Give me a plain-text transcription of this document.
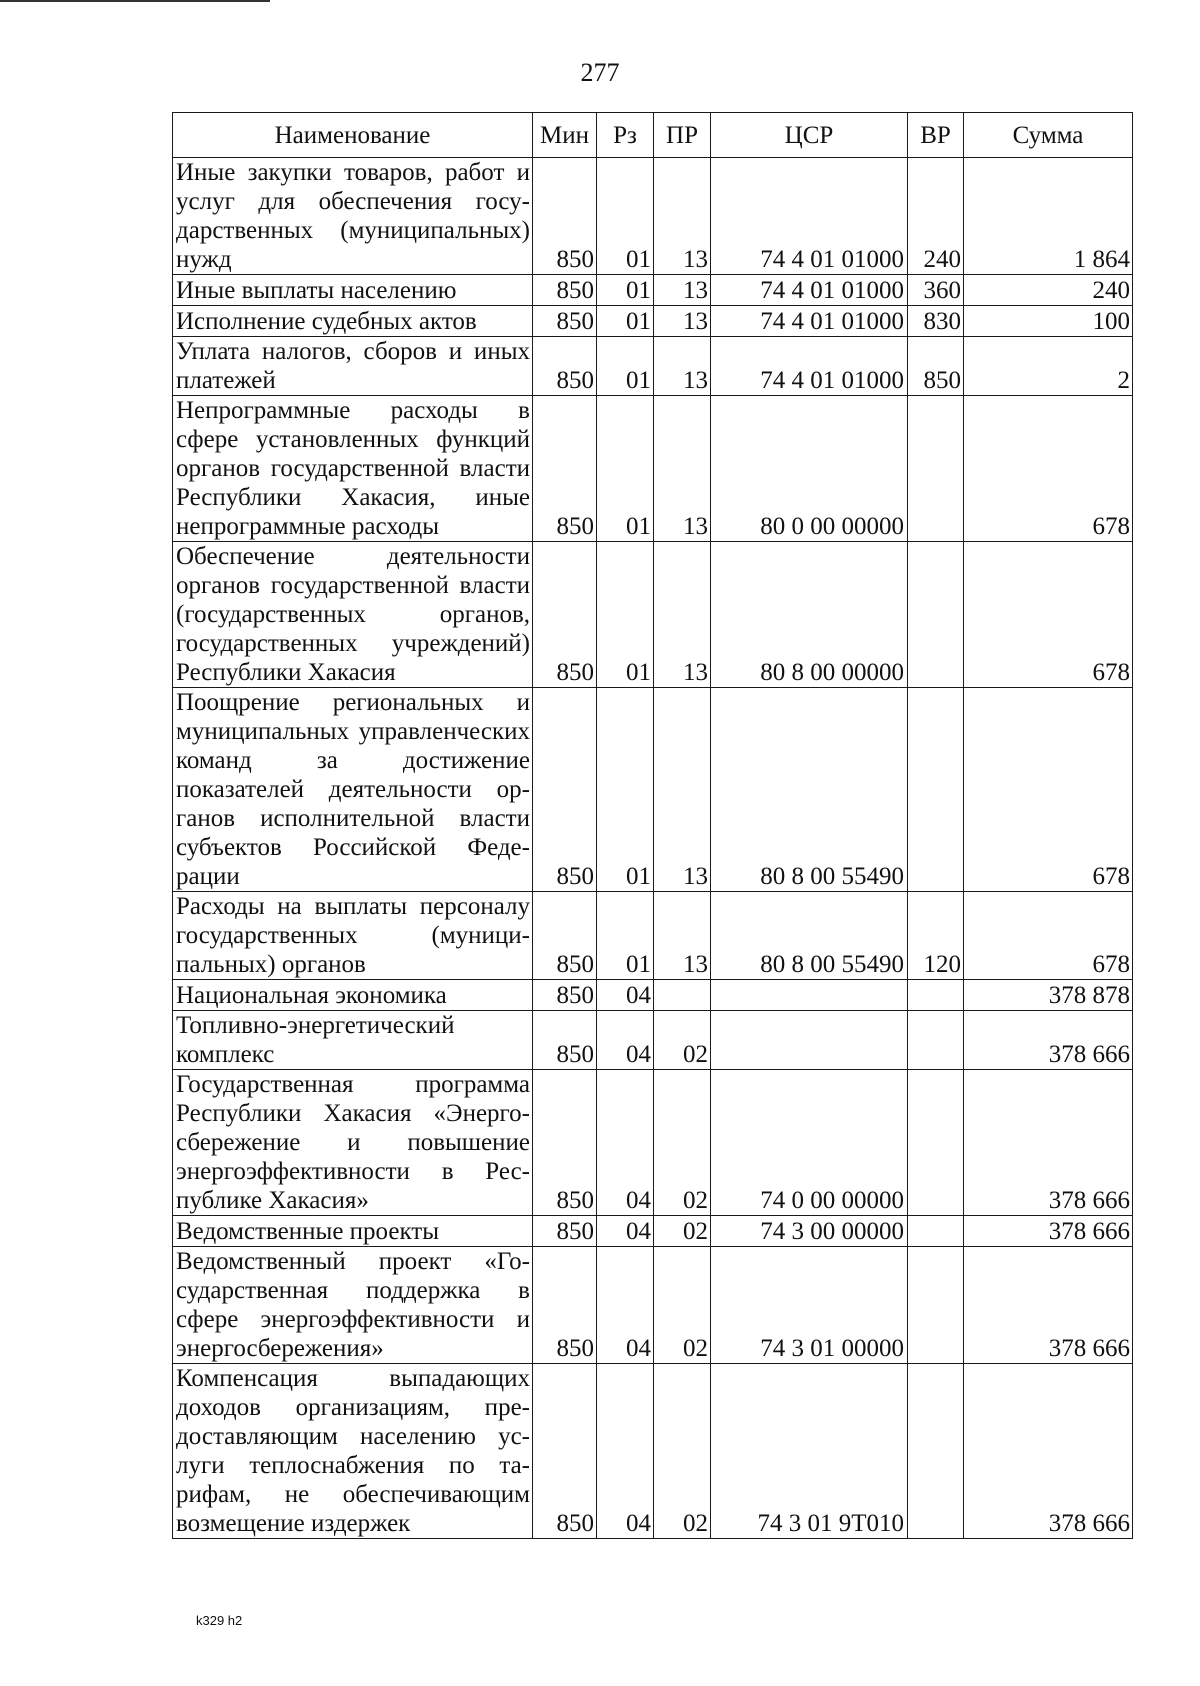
277
Наименование	Мин	Рз	ПР	ЦСР	ВР	Сумма
Иные закупки товаров, работ и услуг для обеспечения государственных (муниципальных) нужд	850	01	13	74 4 01 01000	240	1 864
Иные выплаты населению	850	01	13	74 4 01 01000	360	240
Исполнение судебных актов	850	01	13	74 4 01 01000	830	100
Уплата налогов, сборов и иных платежей	850	01	13	74 4 01 01000	850	2
Непрограммные расходы в сфере установленных функций органов государственной власти Республики Хакасия, иные непрограммные расходы	850	01	13	80 0 00 00000		678
Обеспечение деятельности органов государственной власти (государственных органов, государственных учреждений) Республики Хакасия	850	01	13	80 8 00 00000		678
Поощрение региональных и муниципальных управленческих команд за достижение показателей деятельности органов исполнительной власти субъектов Российской Федерации	850	01	13	80 8 00 55490		678
Расходы на выплаты персоналу государственных (муниципальных) органов	850	01	13	80 8 00 55490	120	678
Национальная экономика	850	04				378 878
Топливно-энергетический комплекс	850	04	02			378 666
Государственная программа Республики Хакасия «Энергосбережение и повышение энергоэффективности в Республике Хакасия»	850	04	02	74 0 00 00000		378 666
Ведомственные проекты	850	04	02	74 3 00 00000		378 666
Ведомственный проект «Государственная поддержка в сфере энергоэффективности и энергосбережения»	850	04	02	74 3 01 00000		378 666
Компенсация выпадающих доходов организациям, предоставляющим населению услуги теплоснабжения по тарифам, не обеспечивающим возмещение издержек	850	04	02	74 3 01 9Т010		378 666
k329 h2
